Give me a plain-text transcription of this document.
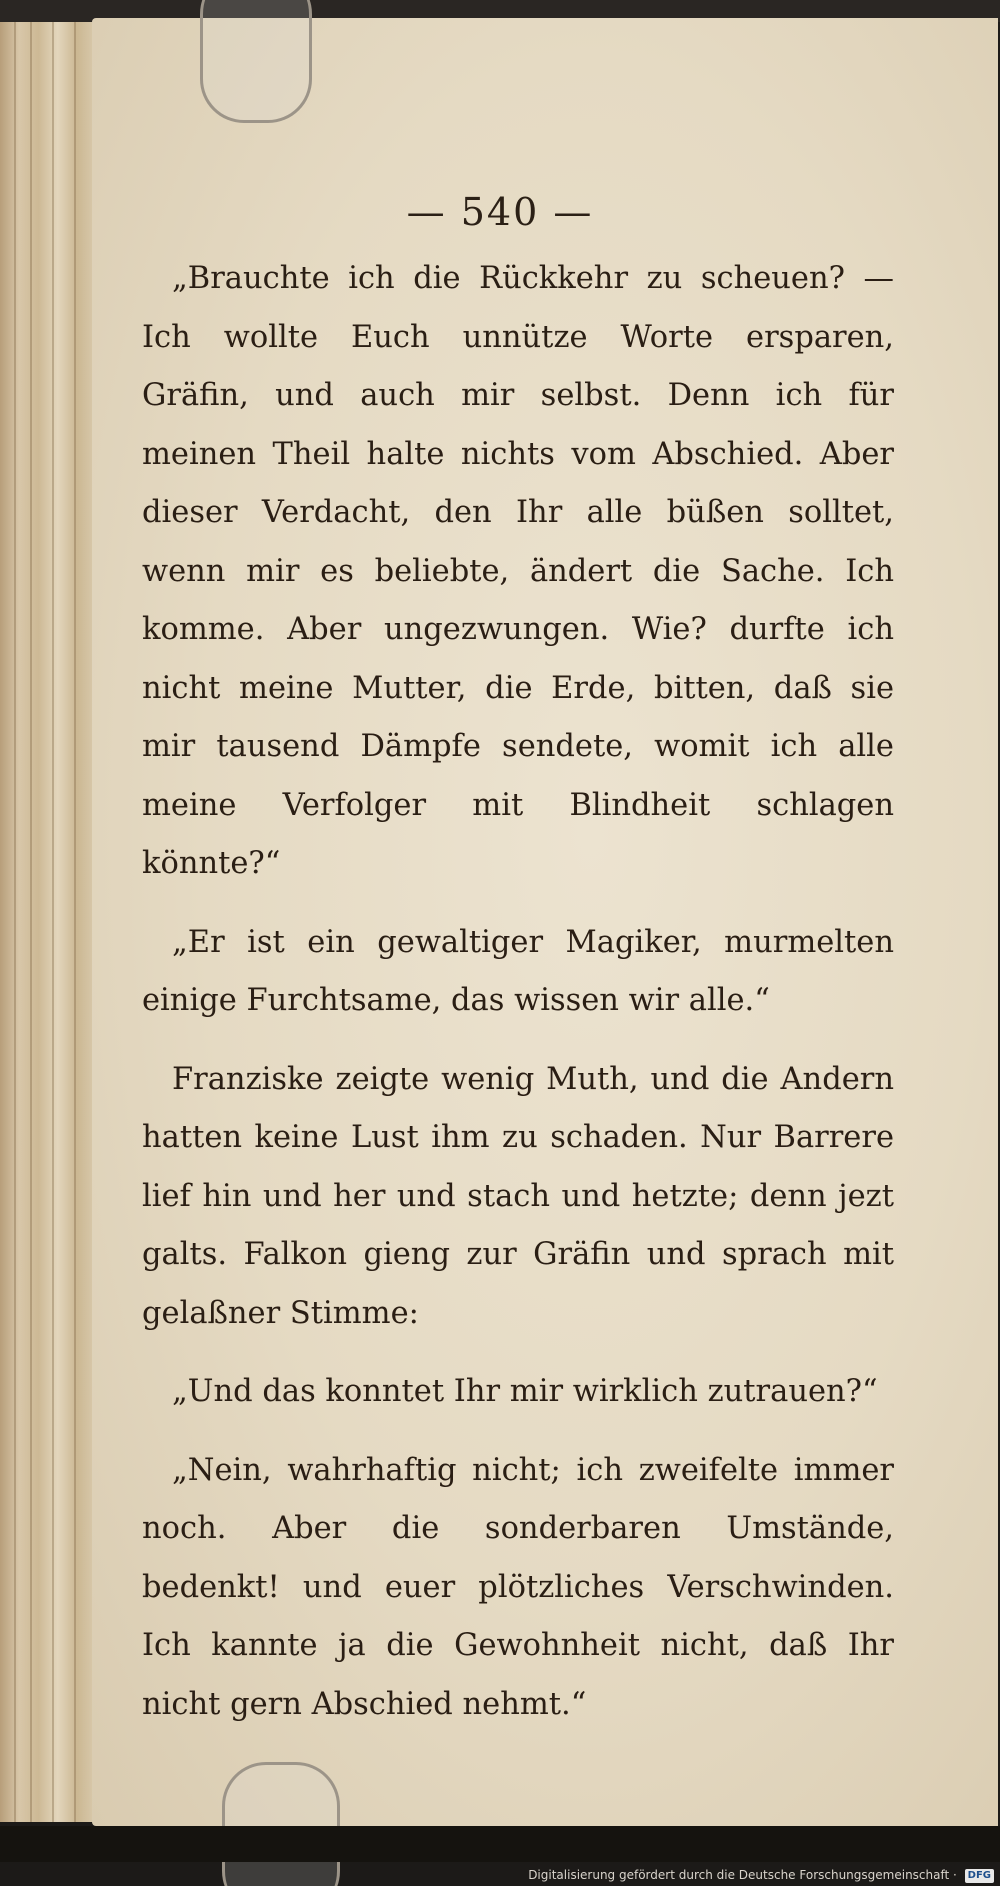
— 540 —

„Brauchte ich die Rückkehr zu scheuen? — Ich wollte Euch unnütze Worte ersparen, Gräfin, und auch mir selbst. Denn ich für meinen Theil halte nichts vom Abschied. Aber dieser Verdacht, den Ihr alle büßen solltet, wenn mir es beliebte, ändert die Sache. Ich komme. Aber ungezwungen. Wie? durfte ich nicht meine Mutter, die Erde, bitten, daß sie mir tausend Dämpfe sendete, womit ich alle meine Verfolger mit Blindheit schlagen könnte?“

„Er ist ein gewaltiger Magiker, murmelten einige Furchtsame, das wissen wir alle.“

Franziske zeigte wenig Muth, und die Andern hatten keine Lust ihm zu schaden. Nur Barrere lief hin und her und stach und hetzte; denn jezt galts. Falkon gieng zur Gräfin und sprach mit gelaßner Stimme:

„Und das konntet Ihr mir wirklich zutrauen?“

„Nein, wahrhaftig nicht; ich zweifelte immer noch. Aber die sonderbaren Umstände, bedenkt! und euer plötzliches Verschwinden. Ich kannte ja die Gewohnheit nicht, daß Ihr nicht gern Abschied nehmt.“

Digitalisierung gefördert durch die Deutsche Forschungsgemeinschaft · DFG
